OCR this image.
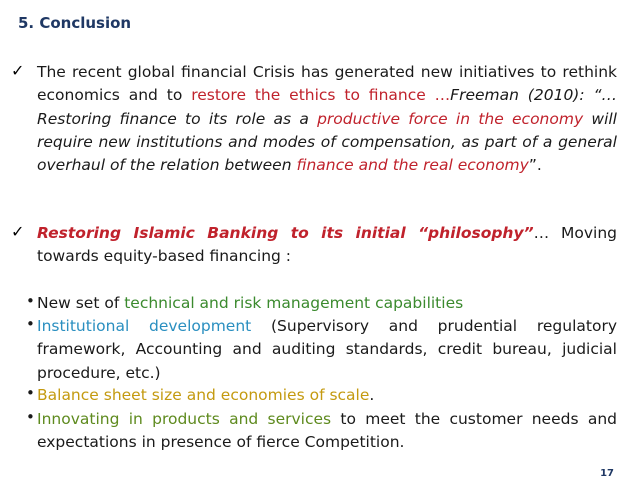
5. Conclusion
✓ The recent global financial Crisis has generated new initiatives to rethink economics and to restore the ethics to finance …Freeman (2010): “… Restoring finance to its role as a productive force in the economy will require new institutions and modes of compensation, as part of a general overhaul of the relation between finance and the real economy”.
✓ Restoring Islamic Banking to its initial “philosophy”… Moving towards equity-based financing :
• New set of technical and risk management capabilities
• Institutional development (Supervisory and prudential regulatory framework, Accounting and auditing standards, credit bureau, judicial procedure, etc.)
• Balance sheet size and economies of scale.
• Innovating in products and services to meet the customer needs and expectations in presence of fierce Competition.
17
